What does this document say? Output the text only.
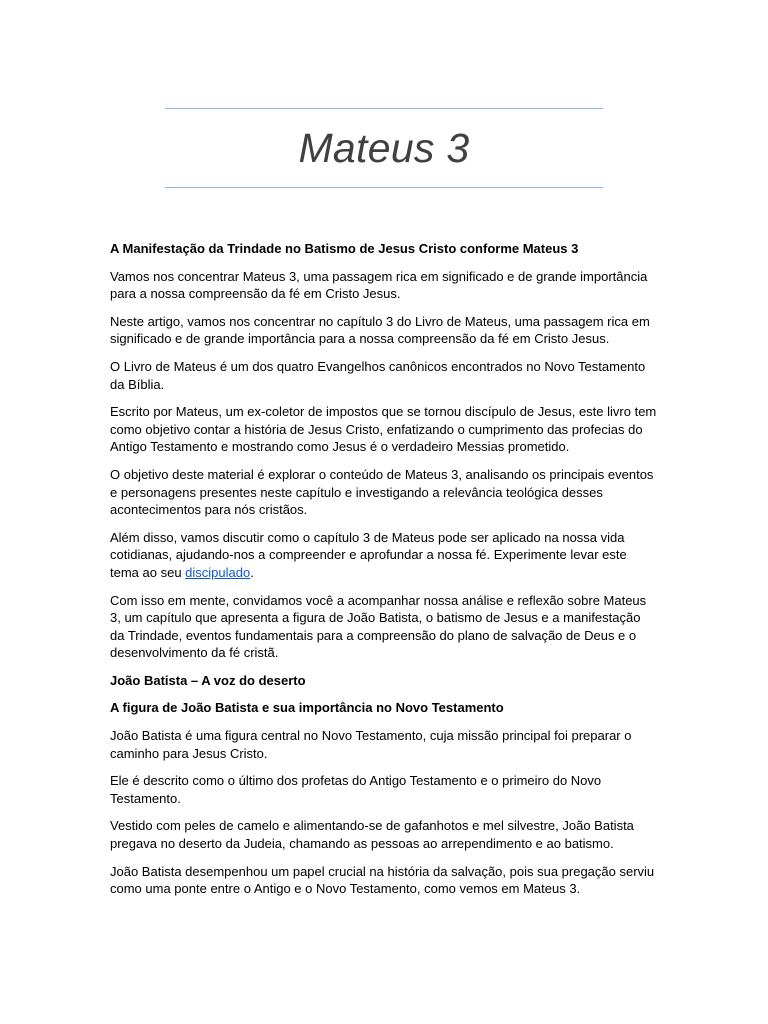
Mateus 3

A Manifestação da Trindade no Batismo de Jesus Cristo conforme Mateus 3

Vamos nos concentrar Mateus 3, uma passagem rica em significado e de grande importância para a nossa compreensão da fé em Cristo Jesus.

Neste artigo, vamos nos concentrar no capítulo 3 do Livro de Mateus, uma passagem rica em significado e de grande importância para a nossa compreensão da fé em Cristo Jesus.

O Livro de Mateus é um dos quatro Evangelhos canônicos encontrados no Novo Testamento da Bíblia.

Escrito por Mateus, um ex-coletor de impostos que se tornou discípulo de Jesus, este livro tem como objetivo contar a história de Jesus Cristo, enfatizando o cumprimento das profecias do Antigo Testamento e mostrando como Jesus é o verdadeiro Messias prometido.

O objetivo deste material é explorar o conteúdo de Mateus 3, analisando os principais eventos e personagens presentes neste capítulo e investigando a relevância teológica desses acontecimentos para nós cristãos.

Além disso, vamos discutir como o capítulo 3 de Mateus pode ser aplicado na nossa vida cotidianas, ajudando-nos a compreender e aprofundar a nossa fé. Experimente levar este tema ao seu discipulado.

Com isso em mente, convidamos você a acompanhar nossa análise e reflexão sobre Mateus 3, um capítulo que apresenta a figura de João Batista, o batismo de Jesus e a manifestação da Trindade, eventos fundamentais para a compreensão do plano de salvação de Deus e o desenvolvimento da fé cristã.

João Batista – A voz do deserto

A figura de João Batista e sua importância no Novo Testamento

João Batista é uma figura central no Novo Testamento, cuja missão principal foi preparar o caminho para Jesus Cristo.

Ele é descrito como o último dos profetas do Antigo Testamento e o primeiro do Novo Testamento.

Vestido com peles de camelo e alimentando-se de gafanhotos e mel silvestre, João Batista pregava no deserto da Judeia, chamando as pessoas ao arrependimento e ao batismo.

João Batista desempenhou um papel crucial na história da salvação, pois sua pregação serviu como uma ponte entre o Antigo e o Novo Testamento, como vemos em Mateus 3.
